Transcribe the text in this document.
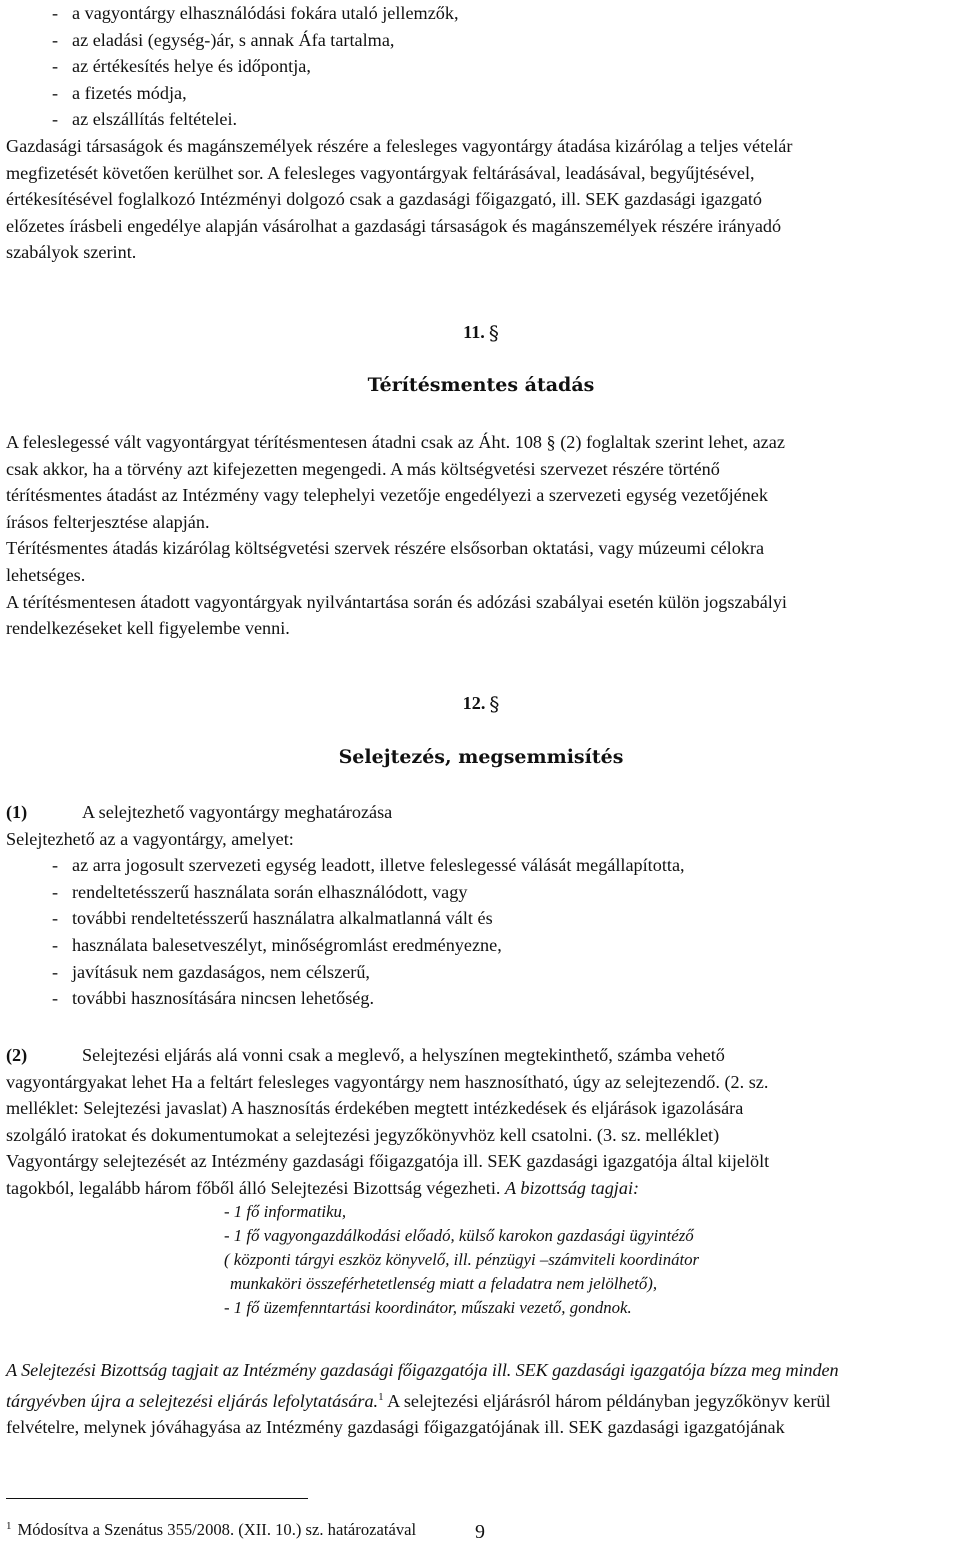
- a vagyontárgy elhasználódási fokára utaló jellemzők,
- az eladási (egység-)ár, s annak Áfa tartalma,
- az értékesítés helye és időpontja,
- a fizetés módja,
- az elszállítás feltételei.
Gazdasági társaságok és magánszemélyek részére a felesleges vagyontárgy átadása kizárólag a teljes vételár
megfizetését követően kerülhet sor. A felesleges vagyontárgyak feltárásával, leadásával, begyűjtésével,
értékesítésével foglalkozó Intézményi dolgozó csak a gazdasági főigazgató, ill. SEK gazdasági igazgató
előzetes írásbeli engedélye alapján vásárolhat a gazdasági társaságok és magánszemélyek részére irányadó
szabályok szerint.
11. §
Térítésmentes átadás
A feleslegessé vált vagyontárgyat térítésmentesen átadni csak az Áht. 108 § (2) foglaltak szerint lehet, azaz
csak akkor, ha a törvény azt kifejezetten megengedi. A más költségvetési szervezet részére történő
térítésmentes átadást az Intézmény vagy telephelyi vezetője engedélyezi a szervezeti egység vezetőjének
írásos felterjesztése alapján.
Térítésmentes átadás kizárólag költségvetési szervek részére elsősorban oktatási, vagy múzeumi célokra
lehetséges.
A térítésmentesen átadott vagyontárgyak nyilvántartása során és adózási szabályai esetén külön jogszabályi
rendelkezéseket kell figyelembe venni.
12. §
Selejtezés, megsemmisítés
(1)	A selejtezhető vagyontárgy meghatározása
Selejtezhető az a vagyontárgy, amelyet:
- az arra jogosult szervezeti egység leadott, illetve feleslegessé válását megállapította,
- rendeltetésszerű használata során elhasználódott, vagy
- további rendeltetésszerű használatra alkalmatlanná vált és
- használata balesetveszélyt, minőségromlást eredményezne,
- javításuk nem gazdaságos, nem célszerű,
- további hasznosítására nincsen lehetőség.
(2)	Selejtezési eljárás alá vonni csak a meglevő, a helyszínen megtekinthető, számba vehető
vagyontárgyakat lehet Ha a feltárt felesleges vagyontárgy nem hasznosítható, úgy az selejtezendő. (2. sz.
melléklet: Selejtezési javaslat) A hasznosítás érdekében megtett intézkedések és eljárások igazolására
szolgáló iratokat és dokumentumokat a selejtezési jegyzőkönyvhöz kell csatolni. (3. sz. melléklet)
Vagyontárgy selejtezését az Intézmény gazdasági főigazgatója ill. SEK gazdasági igazgatója által kijelölt
tagokból, legalább három főből álló Selejtezési Bizottság végezheti. A bizottság tagjai:
- 1 fő informatiku,
- 1 fő vagyongazdálkodási előadó, külső karokon gazdasági ügyintéző
( központi tárgyi eszköz könyvelő, ill. pénzügyi –számviteli koordinátor
munkaköri összeférhetetlenség miatt a feladatra nem jelölhető),
- 1 fő üzemfenntartási koordinátor, műszaki vezető, gondnok.
A Selejtezési Bizottság tagjait az Intézmény gazdasági főigazgatója ill. SEK gazdasági igazgatója bízza meg minden
tárgyévben újra a selejtezési eljárás lefolytatására.$^1$ A selejtezési eljárásról három példányban jegyzőkönyv kerül
felvételre, melynek jóváhagyása az Intézmény gazdasági főigazgatójának ill. SEK gazdasági igazgatójának
$^1$ Módosítva a Szenátus 355/2008. (XII. 10.) sz. határozatával	9
